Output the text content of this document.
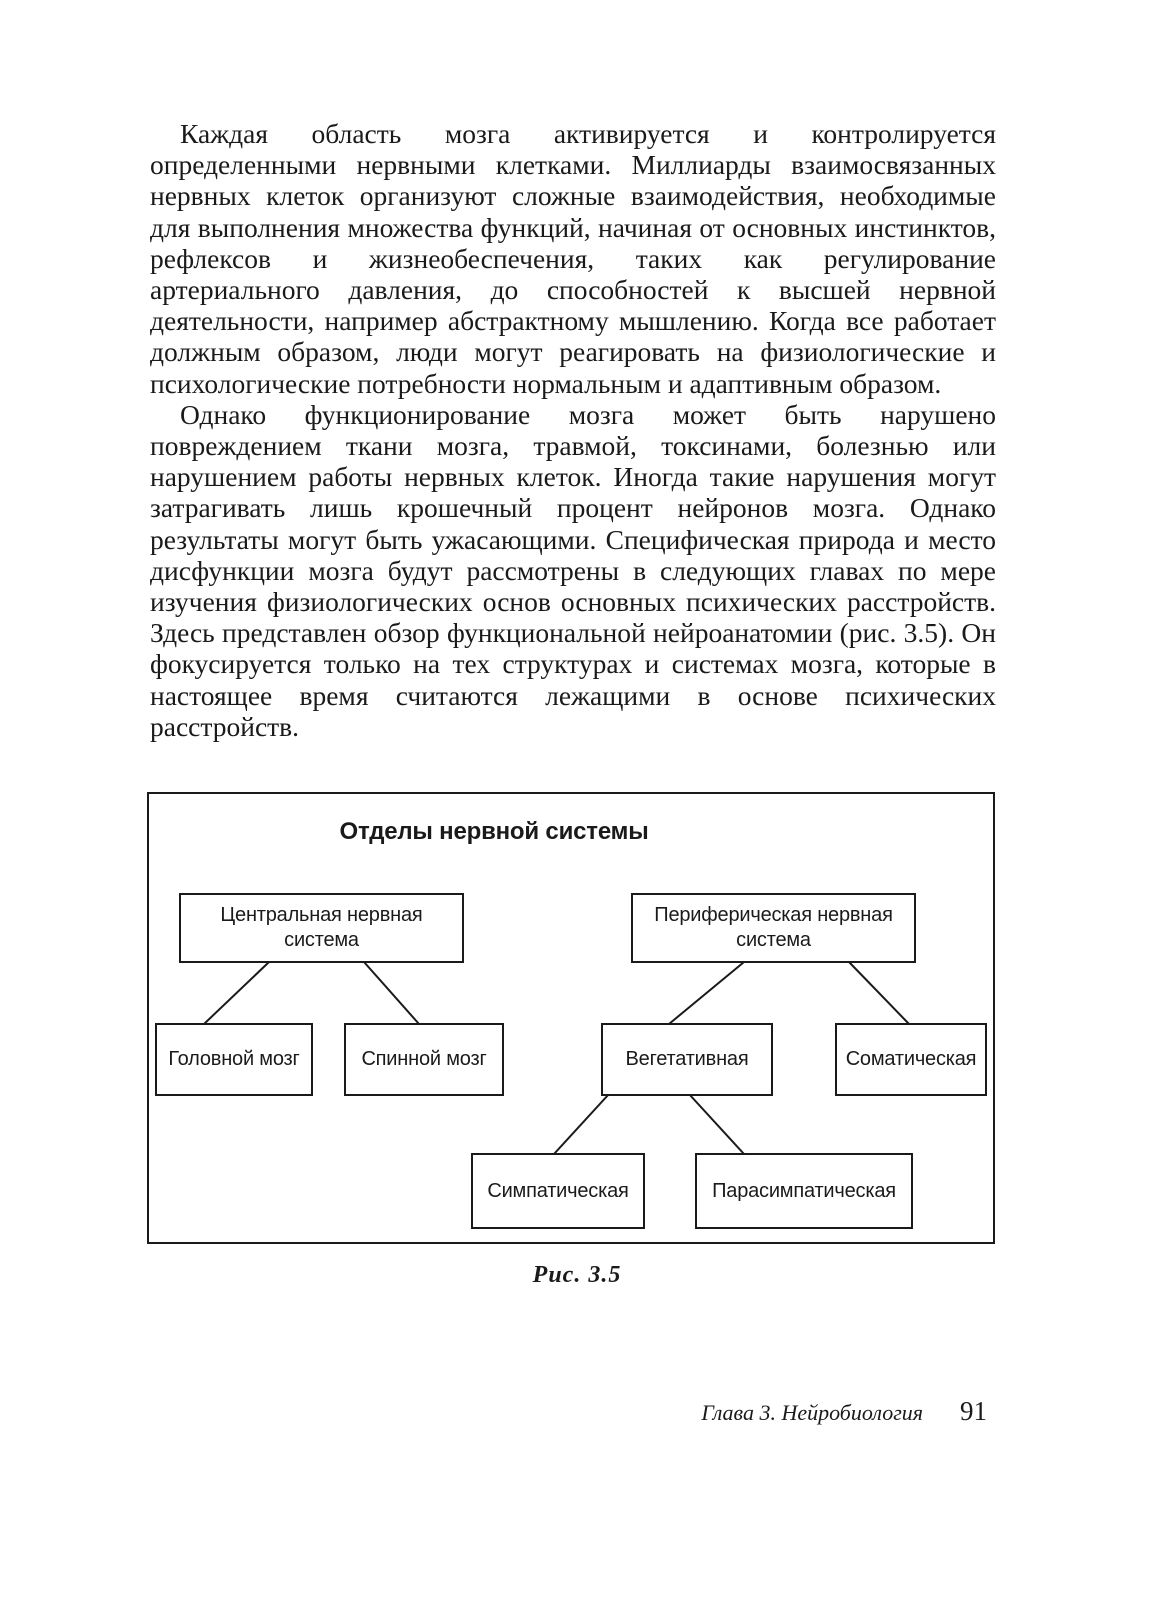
Каждая область мозга активируется и контролируется определенными нервными клетками. Миллиарды взаимосвязанных нервных клеток организуют сложные взаимодействия, необходимые для выполнения множества функций, начиная от основных инстинктов, рефлексов и жизнеобеспечения, таких как регулирование артериального давления, до способностей к высшей нервной деятельности, например абстрактному мышлению. Когда все работает должным образом, люди могут реагировать на физиологические и психологические потребности нормальным и адаптивным образом.

Однако функционирование мозга может быть нарушено повреждением ткани мозга, травмой, токсинами, болезнью или нарушением работы нервных клеток. Иногда такие нарушения могут затрагивать лишь крошечный процент нейронов мозга. Однако результаты могут быть ужасающими. Специфическая природа и место дисфункции мозга будут рассмотрены в следующих главах по мере изучения физиологических основ основных психических расстройств. Здесь представлен обзор функциональной нейроанатомии (рис. 3.5). Он фокусируется только на тех структурах и системах мозга, которые в настоящее время считаются лежащими в основе психических расстройств.

Отделы нервной системы
Центральная нервная система
Периферическая нервная система
Головной мозг	Спинной мозг	Вегетативная	Соматическая
Симпатическая	Парасимпатическая
Рис. 3.5
Глава 3. Нейробиология 91
